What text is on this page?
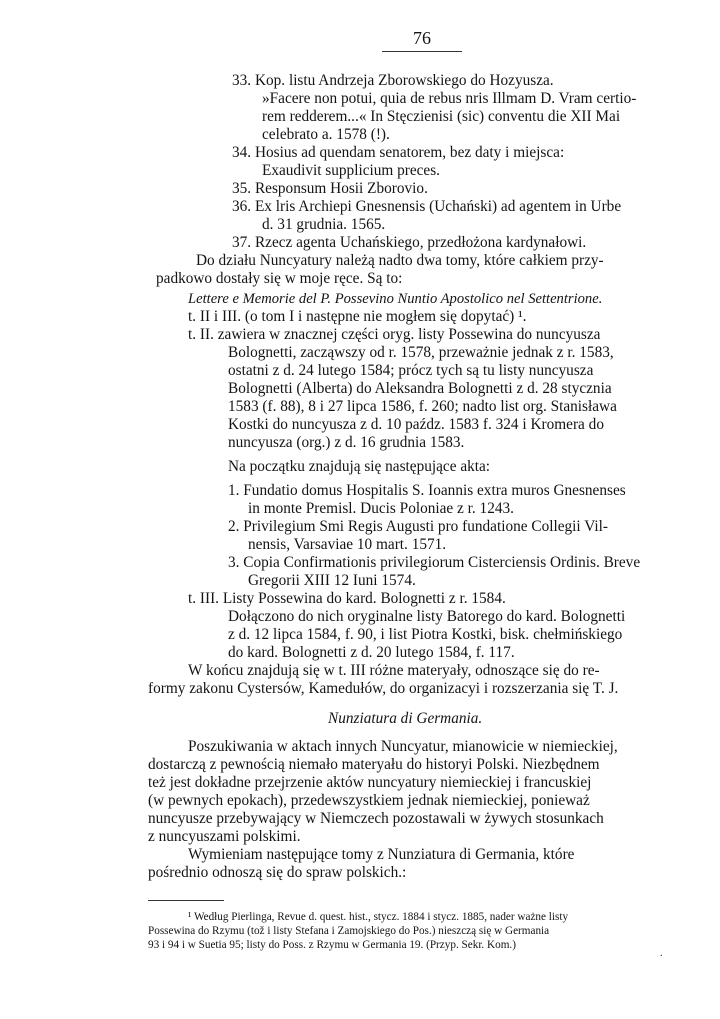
76
33. Kop. listu Andrzeja Zborowskiego do Hozyusza.
»Facere non potui, quia de rebus nris Illmam D. Vram certio-
rem redderem...« In Stęczienisi (sic) conventu die XII Mai
celebrato a. 1578 (!).
34. Hosius ad quendam senatorem, bez daty i miejsca:
Exaudivit supplicium preces.
35. Responsum Hosii Zborovio.
36. Ex lris Archiepi Gnesnensis (Uchański) ad agentem in Urbe
d. 31 grudnia. 1565.
37. Rzecz agenta Uchańskiego, przedłożona kardynałowi.
Do działu Nuncyatury należą nadto dwa tomy, które całkiem przy-
padkowo dostały się w moje ręce. Są to:
Lettere e Memorie del P. Possevino Nuntio Apostolico nel Settentrione.
t. II i III. (o tom I i następne nie mogłem się dopytać) ¹.
t. II. zawiera w znacznej części oryg. listy Possewina do nuncyusza
Bolognetti, zacząwszy od r. 1578, przeważnie jednak z r. 1583,
ostatni z d. 24 lutego 1584; prócz tych są tu listy nuncyusza
Bolognetti (Alberta) do Aleksandra Bolognetti z d. 28 stycznia
1583 (f. 88), 8 i 27 lipca 1586, f. 260; nadto list org. Stanisława
Kostki do nuncyusza z d. 10 paźdz. 1583 f. 324 i Kromera do
nuncyusza (org.) z d. 16 grudnia 1583.
Na początku znajdują się następujące akta:
1. Fundatio domus Hospitalis S. Ioannis extra muros Gnesnenses
in monte Premisl. Ducis Poloniae z r. 1243.
2. Privilegium Smi Regis Augusti pro fundatione Collegii Vil-
nensis, Varsaviae 10 mart. 1571.
3. Copia Confirmationis privilegiorum Cisterciensis Ordinis. Breve
Gregorii XIII 12 Iuni 1574.
t. III. Listy Possewina do kard. Bolognetti z r. 1584.
Dołączono do nich oryginalne listy Batorego do kard. Bolognetti
z d. 12 lipca 1584, f. 90, i list Piotra Kostki, bisk. chełmińskiego
do kard. Bolognetti z d. 20 lutego 1584, f. 117.
W końcu znajdują się w t. III różne materyały, odnoszące się do re-
formy zakonu Cystersów, Kamedułów, do organizacyi i rozszerzania się T. J.
Nunziatura di Germania.
Poszukiwania w aktach innych Nuncyatur, mianowicie w niemieckiej,
dostarczą z pewnością niemało materyału do historyi Polski. Niezbędnem
też jest dokładne przejrzenie aktów nuncyatury niemieckiej i francuskiej
(w pewnych epokach), przedewszystkiem jednak niemieckiej, ponieważ
nuncyusze przebywający w Niemczech pozostawali w żywych stosunkach
z nuncyuszami polskimi.
Wymieniam następujące tomy z Nunziatura di Germania, które
pośrednio odnoszą się do spraw polskich.:
¹ Według Pierlinga, Revue d. quest. hist., stycz. 1884 i stycz. 1885, nader ważne listy
Possewina do Rzymu (tož i listy Stefana i Zamojskiego do Pos.) nieszczą się w Germania
93 i 94 i w Suetia 95; listy do Poss. z Rzymu w Germania 19. (Przyp. Sekr. Kom.)
.
